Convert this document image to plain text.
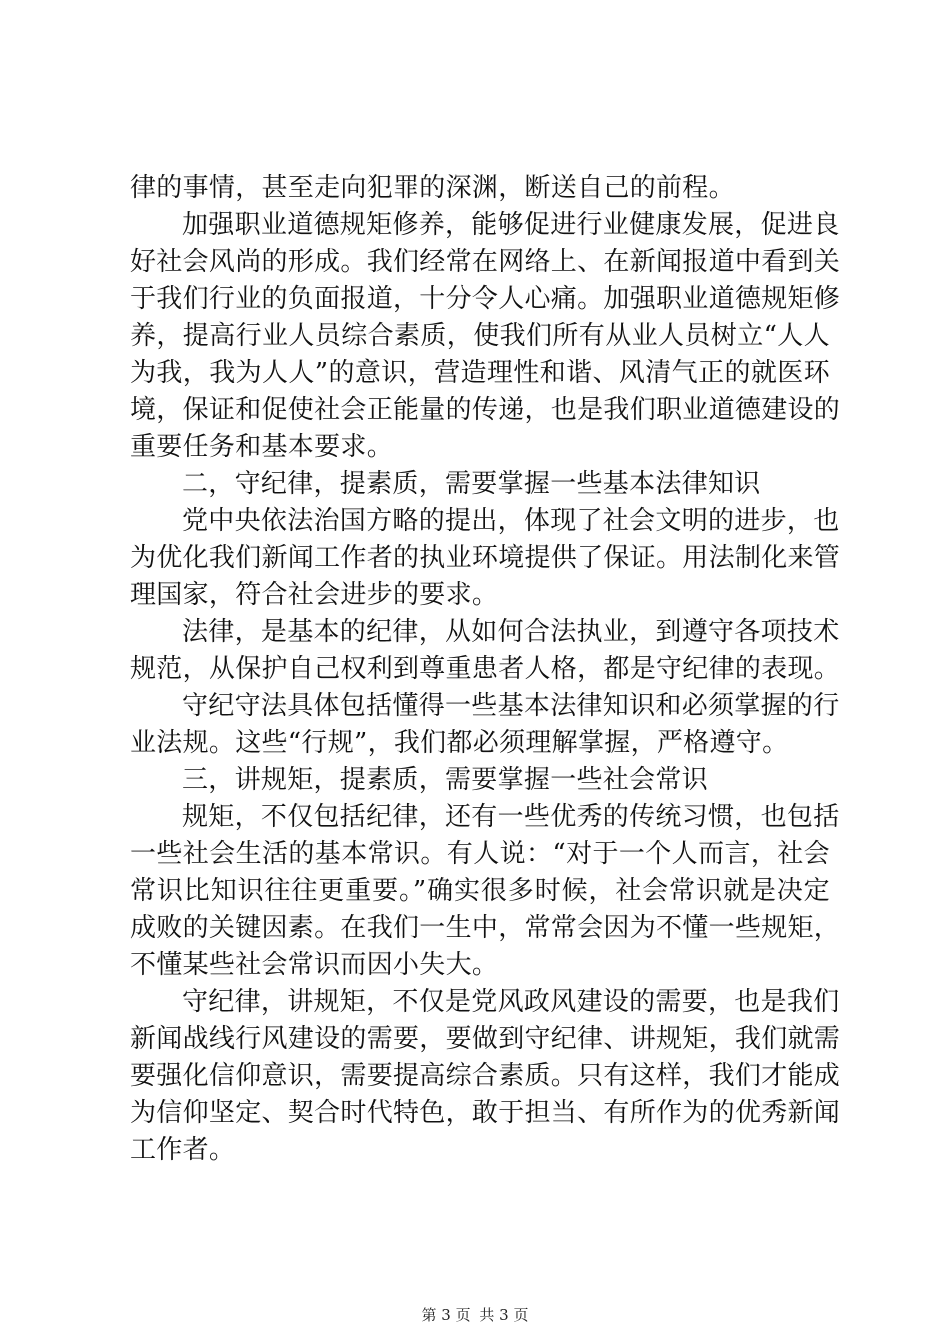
律的事情，甚至走向犯罪的深渊，断送自己的前程。
加强职业道德规矩修养，能够促进行业健康发展，促进良
好社会风尚的形成。我们经常在网络上、在新闻报道中看到关
于我们行业的负面报道，十分令人心痛。加强职业道德规矩修
养，提高行业人员综合素质，使我们所有从业人员树立“人人
为我，我为人人”的意识，营造理性和谐、风清气正的就医环
境，保证和促使社会正能量的传递，也是我们职业道德建设的
重要任务和基本要求。
二，守纪律，提素质，需要掌握一些基本法律知识
党中央依法治国方略的提出，体现了社会文明的进步，也
为优化我们新闻工作者的执业环境提供了保证。用法制化来管
理国家，符合社会进步的要求。
法律，是基本的纪律，从如何合法执业，到遵守各项技术
规范，从保护自己权利到尊重患者人格，都是守纪律的表现。
守纪守法具体包括懂得一些基本法律知识和必须掌握的行
业法规。这些“行规”，我们都必须理解掌握，严格遵守。
三，讲规矩，提素质，需要掌握一些社会常识
规矩，不仅包括纪律，还有一些优秀的传统习惯，也包括
一些社会生活的基本常识。有人说：“对于一个人而言，社会
常识比知识往往更重要。”确实很多时候，社会常识就是决定
成败的关键因素。在我们一生中，常常会因为不懂一些规矩，
不懂某些社会常识而因小失大。
守纪律，讲规矩，不仅是党风政风建设的需要，也是我们
新闻战线行风建设的需要，要做到守纪律、讲规矩，我们就需
要强化信仰意识，需要提高综合素质。只有这样，我们才能成
为信仰坚定、契合时代特色，敢于担当、有所作为的优秀新闻
工作者。
第 3 页 共 3 页
